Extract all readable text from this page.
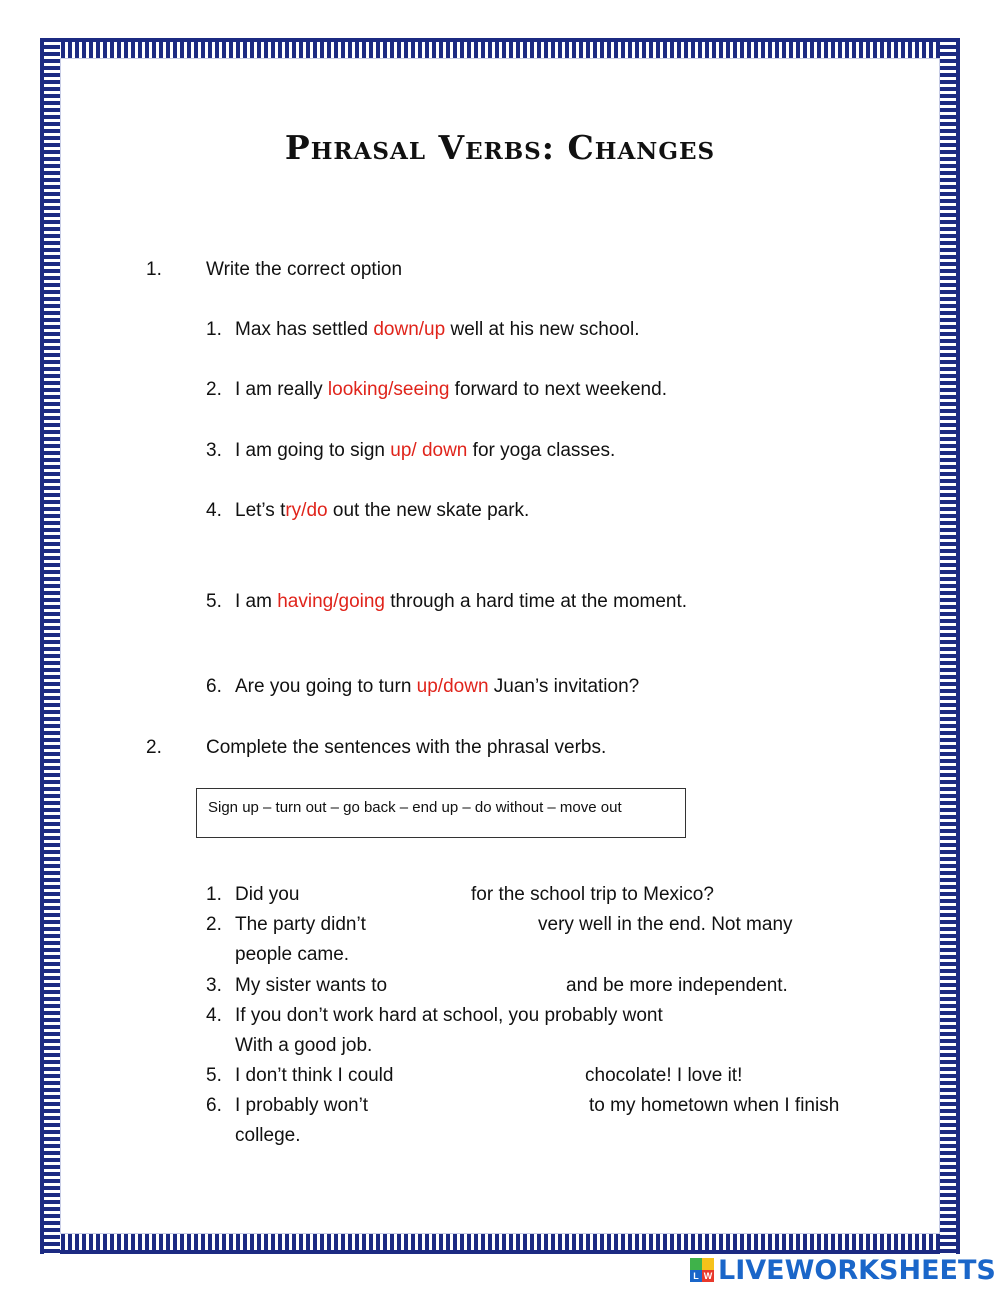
Phrasal Verbs: Changes
1. Write the correct option
1. Max has settled down/up well at his new school.
2. I am really looking/seeing forward to next weekend.
3. I am going to sign up/ down for yoga classes.
4. Let’s try/do out the new skate park.
5. I am having/going through a hard time at the moment.
6. Are you going to turn up/down Juan’s invitation?
2. Complete the sentences with the phrasal verbs.
Sign up – turn out – go back – end up – do without – move out
1. Did you	for the school trip to Mexico?
2. The party didn’t	very well in the end. Not many
people came.
3. My sister wants to	and be more independent.
4. If you don’t work hard at school, you probably wont
With a good job.
5. I don’t think I could	chocolate! I love it!
6. I probably won’t	to my hometown when I finish
college.
L W LIVEWORKSHEETS
